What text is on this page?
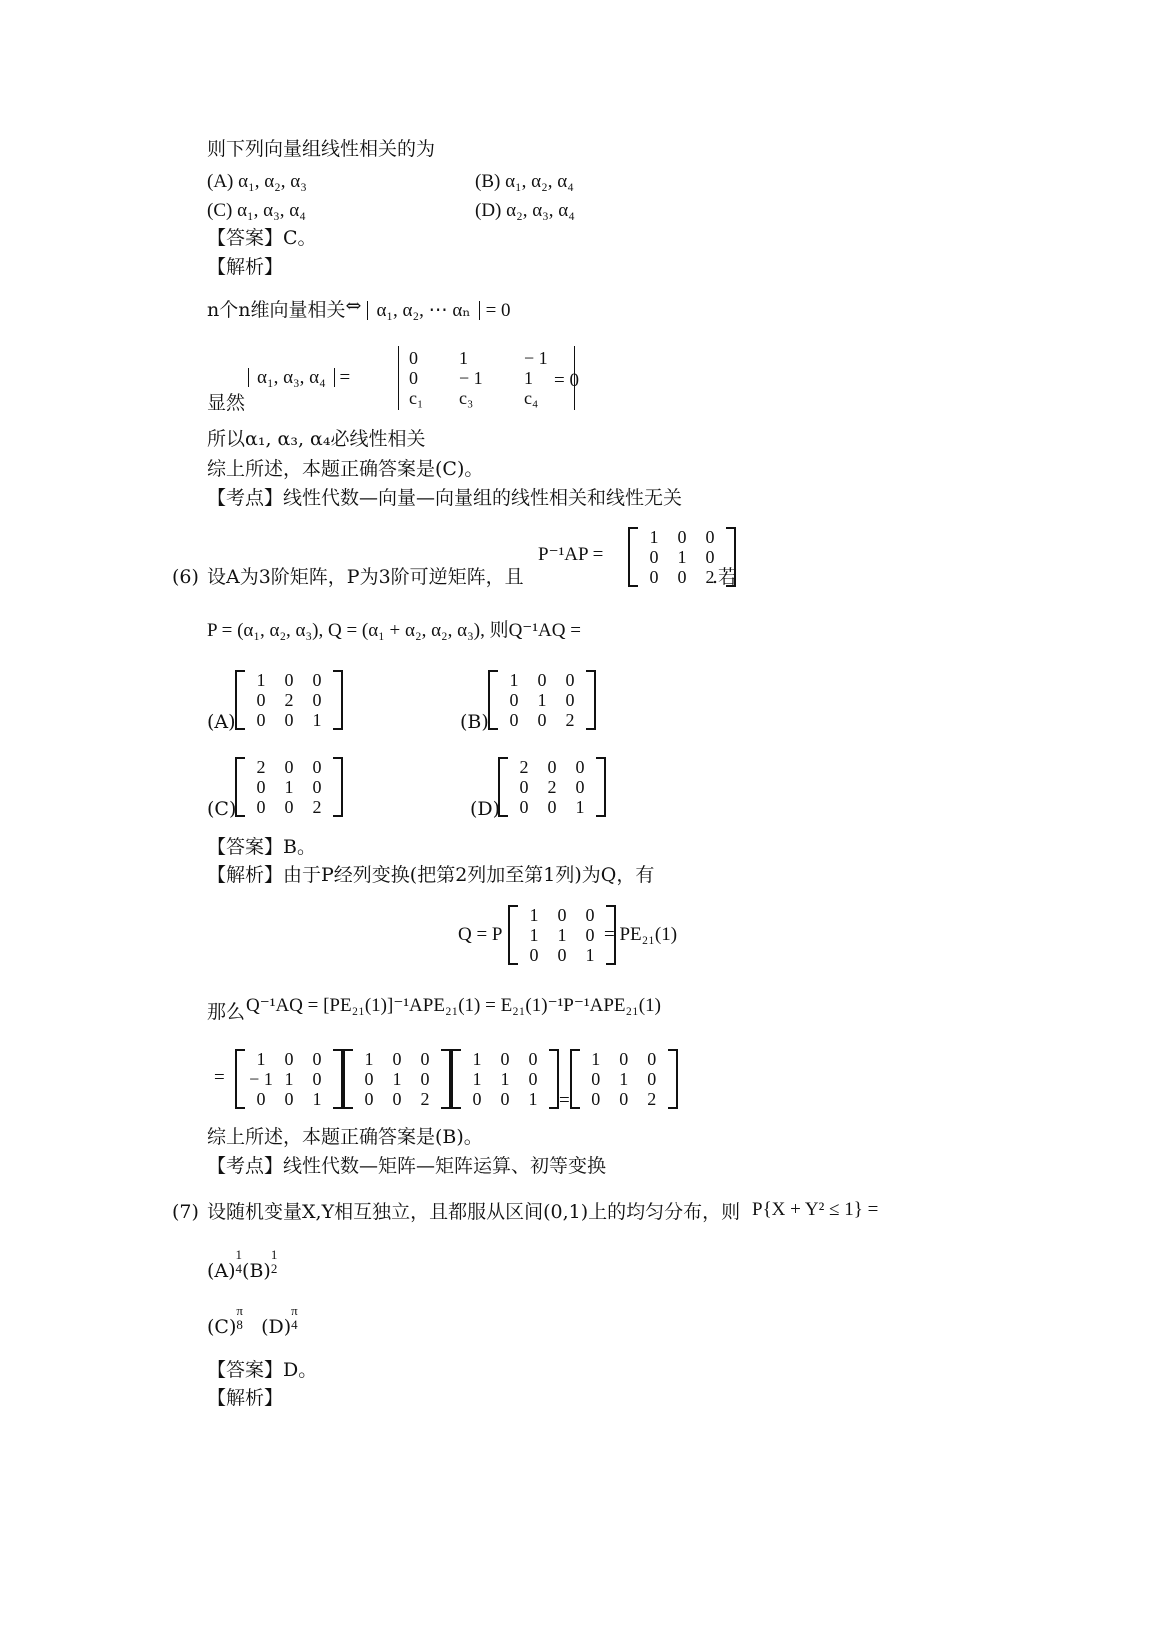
则下列向量组线性相关的为
(A) α₁, α₂, α₃	(B) α₁, α₂, α₄
(C) α₁, α₃, α₄	(D) α₂, α₃, α₄
【答案】C。
【解析】
n个n维向量相关⇔ α₁, α₂, ⋯ αₙ = 0
显然
α₁, α₃, α₄ =
0	1	− 1
0	− 1	1
c₁	c₃	c₄
= 0
所以α₁, α₃, α₄必线性相关
综上所述，本题正确答案是(C)。
【考点】线性代数—向量—向量组的线性相关和线性无关
P⁻¹AP =
1	0	0
0	1	0
0	0	2
(6) 设A为3阶矩阵，P为3阶可逆矩阵，且	.若
P = (α₁, α₂, α₃), Q = (α₁ + α₂, α₂, α₃), 则Q⁻¹AQ =
(A)
1	0	0
0	2	0
0	0	1	(B)
1	0	0
0	1	0
0	0	2
(C)
2	0	0
0	1	0
0	0	2	(D)
2	0	0
0	2	0
0	0	1
【答案】B。
【解析】由于P经列变换(把第2列加至第1列)为Q，有
Q = P
1	0	0
1	1	0
0	0	1
= PE₂₁(1)
那么 Q⁻¹AQ = [PE₂₁(1)]⁻¹APE₂₁(1) = E₂₁(1)⁻¹P⁻¹APE₂₁(1)
=
1	0	0
− 1 1	0
0	0	1
1	0	0
0	1	0
0	0	2
1	0	0
1	1	0
0	0	1	=
1	0	0
0	1	0
0	0	2
综上所述，本题正确答案是(B)。
【考点】线性代数—矩阵—矩阵运算、初等变换
(7) 设随机变量X,Y相互独立，且都服从区间(0,1)上的均匀分布，则 P{X + Y² ≤ 1} =
(A)
1
4 (B)
1
2
(C)
π
8 (D)
π
4
【答案】D。
【解析】
